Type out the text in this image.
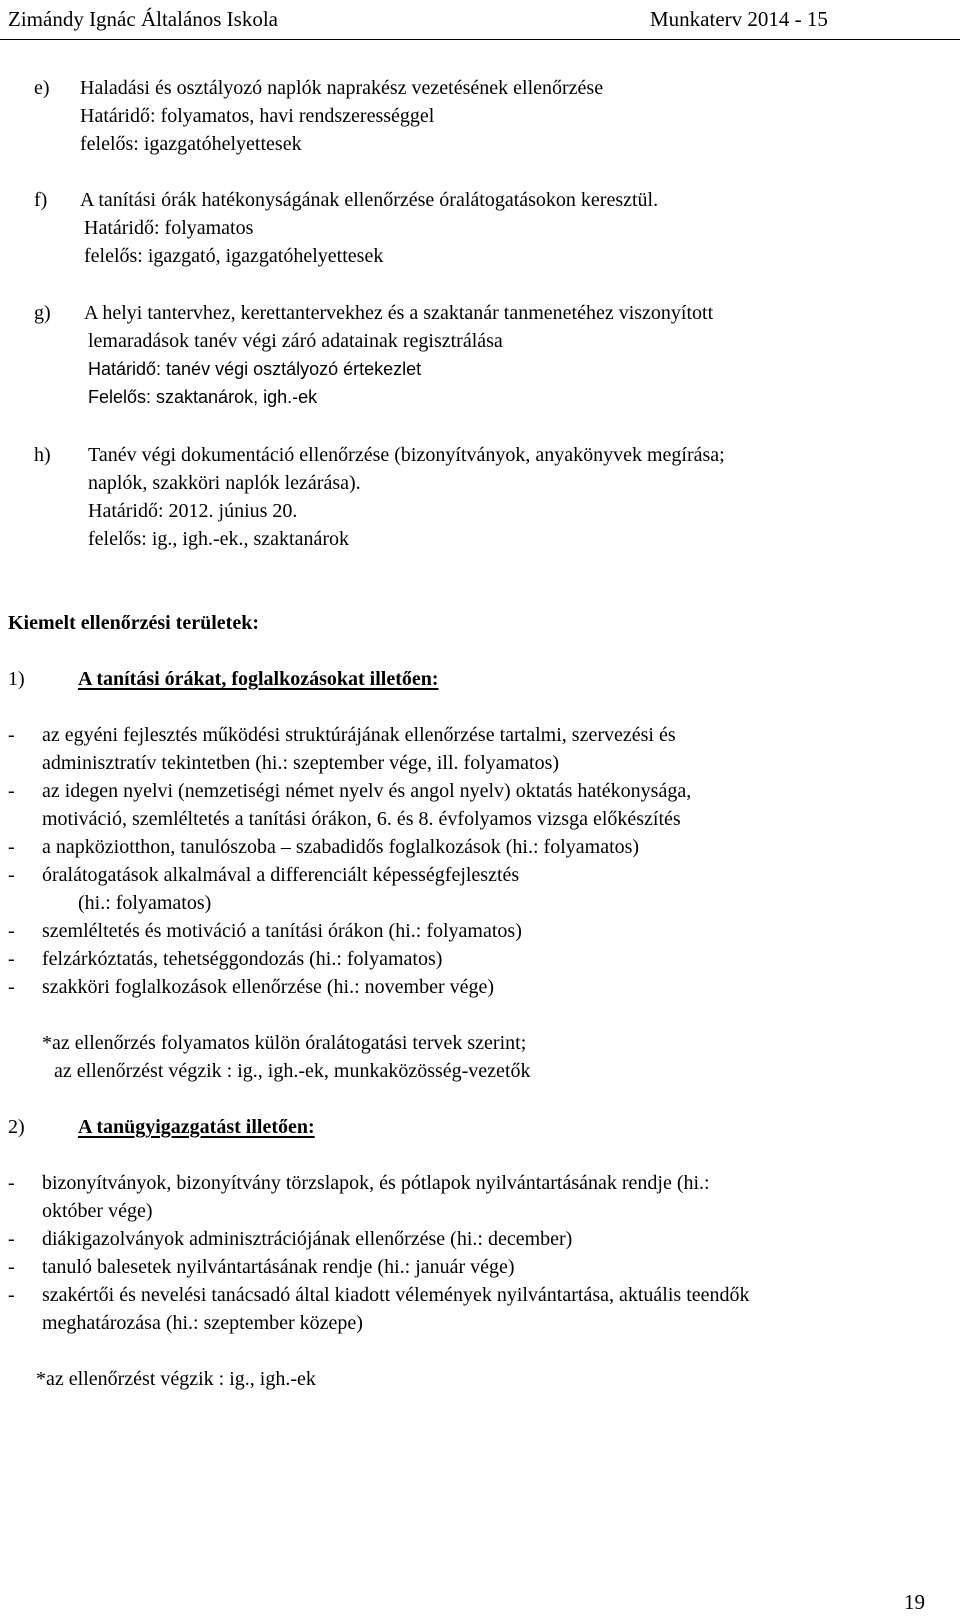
Zimándy Ignác Általános Iskola	Munkaterv 2014 - 15
e) Haladási és osztályozó naplók naprakész vezetésének ellenőrzése
Határidő: folyamatos, havi rendszerességgel
felelős: igazgatóhelyettesek
f) A tanítási órák hatékonyságának ellenőrzése óralátogatásokon keresztül.
Határidő: folyamatos
felelős: igazgató, igazgatóhelyettesek
g) A helyi tantervhez, kerettantervekhez és a szaktanár tanmenetéhez viszonyított
lemaradások tanév végi záró adatainak regisztrálása
Határidő: tanév végi osztályozó értekezlet
Felelős: szaktanárok, igh.-ek
h) Tanév végi dokumentáció ellenőrzése (bizonyítványok, anyakönyvek megírása;
naplók, szakköri naplók lezárása).
Határidő: 2012. június 20.
felelős: ig., igh.-ek., szaktanárok
Kiemelt ellenőrzési területek:
1)	A tanítási órákat, foglalkozásokat illetően:
- az egyéni fejlesztés működési struktúrájának ellenőrzése tartalmi, szervezési és
adminisztratív tekintetben (hi.: szeptember vége, ill. folyamatos)
- az idegen nyelvi (nemzetiségi német nyelv és angol nyelv) oktatás hatékonysága,
motiváció, szemléltetés a tanítási órákon, 6. és 8. évfolyamos vizsga előkészítés
- a napköziotthon, tanulószoba – szabadidős foglalkozások (hi.: folyamatos)
- óralátogatások alkalmával a differenciált képességfejlesztés
(hi.: folyamatos)
- szemléltetés és motiváció a tanítási órákon (hi.: folyamatos)
- felzárkóztatás, tehetséggondozás (hi.: folyamatos)
- szakköri foglalkozások ellenőrzése (hi.: november vége)
*az ellenőrzés folyamatos külön óralátogatási tervek szerint;
az ellenőrzést végzik : ig., igh.-ek, munkaközösség-vezetők
2)	A tanügyigazgatást illetően:
- bizonyítványok, bizonyítvány törzslapok, és pótlapok nyilvántartásának rendje (hi.:
október vége)
- diákigazolványok adminisztrációjának ellenőrzése (hi.: december)
- tanuló balesetek nyilvántartásának rendje (hi.: január vége)
- szakértői és nevelési tanácsadó által kiadott vélemények nyilvántartása, aktuális teendők
meghatározása (hi.: szeptember közepe)
*az ellenőrzést végzik : ig., igh.-ek
19
